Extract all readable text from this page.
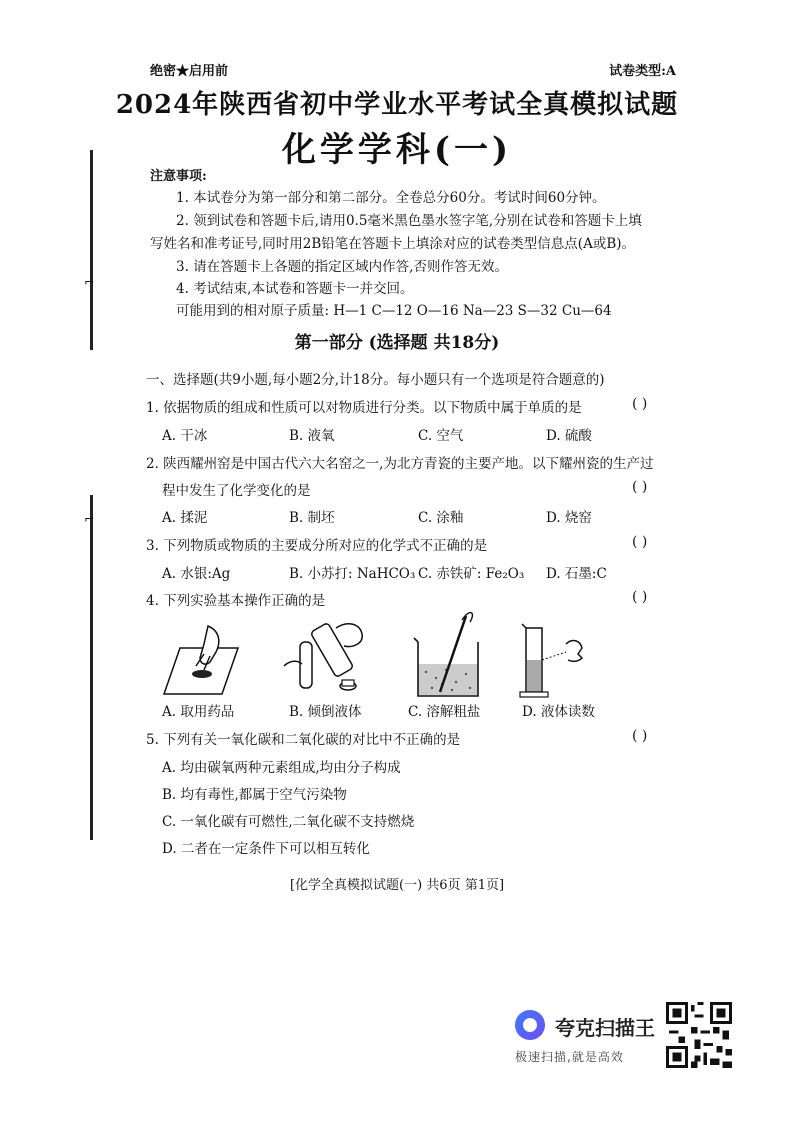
⌐
⌐
绝密★启用前	试卷类型:A
2024年陕西省初中学业水平考试全真模拟试题
化学学科(一)
注意事项:
1. 本试卷分为第一部分和第二部分。全卷总分60分。考试时间60分钟。
2. 领到试卷和答题卡后,请用0.5毫米黑色墨水签字笔,分别在试卷和答题卡上填
写姓名和准考证号,同时用2B铅笔在答题卡上填涂对应的试卷类型信息点(A或B)。
3. 请在答题卡上各题的指定区域内作答,否则作答无效。
4. 考试结束,本试卷和答题卡一并交回。
可能用到的相对原子质量: H—1 C—12 O—16 Na—23 S—32 Cu—64
第一部分 (选择题 共18分)
一、选择题(共9小题,每小题2分,计18分。每小题只有一个选项是符合题意的)
1. 依据物质的组成和性质可以对物质进行分类。以下物质中属于单质的是	( )
A. 干冰	B. 液氧	C. 空气	D. 硫酸
2. 陕西耀州窑是中国古代六大名窑之一,为北方青瓷的主要产地。以下耀州瓷的生产过
程中发生了化学变化的是	( )
A. 揉泥	B. 制坯	C. 涂釉	D. 烧窑
3. 下列物质或物质的主要成分所对应的化学式不正确的是	( )
A. 水银:Ag	B. 小苏打: NaHCO₃ C. 赤铁矿: Fe₂O₃ D. 石墨:C
4. 下列实验基本操作正确的是	( )
A. 取用药品	B. 倾倒液体	C. 溶解粗盐	D. 液体读数
5. 下列有关一氧化碳和二氧化碳的对比中不正确的是	( )
A. 均由碳氧两种元素组成,均由分子构成
B. 均有毒性,都属于空气污染物
C. 一氧化碳有可燃性,二氧化碳不支持燃烧
D. 二者在一定条件下可以相互转化
[化学全真模拟试题(一) 共6页 第1页]
夸克扫描王
极速扫描,就是高效
